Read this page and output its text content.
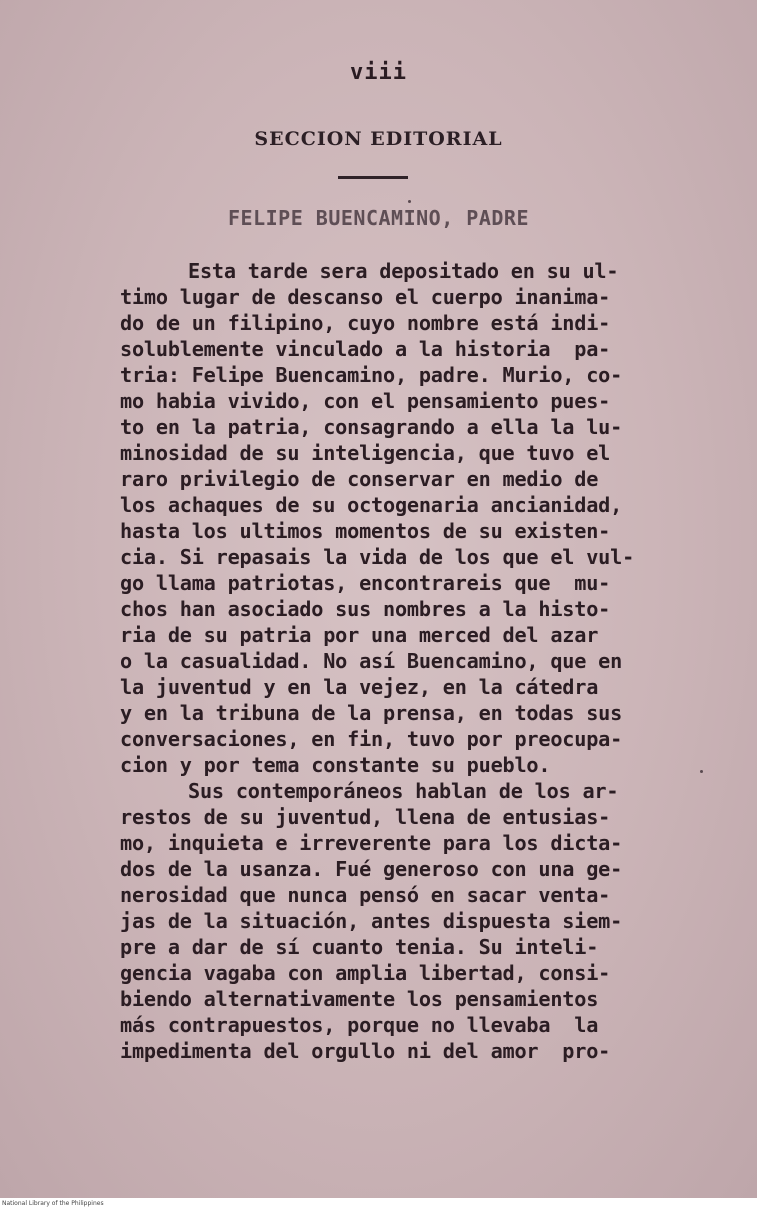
viii
SECCION EDITORIAL
FELIPE BUENCAMINO, PADRE
Esta tarde sera depositado en su ul-
timo lugar de descanso el cuerpo inanima-
do de un filipino, cuyo nombre está indi-
solublemente vinculado a la historia  pa-
tria: Felipe Buencamino, padre. Murio, co-
mo habia vivido, con el pensamiento pues-
to en la patria, consagrando a ella la lu-
minosidad de su inteligencia, que tuvo el
raro privilegio de conservar en medio de
los achaques de su octogenaria ancianidad,
hasta los ultimos momentos de su existen-
cia. Si repasais la vida de los que el vul-
go llama patriotas, encontrareis que  mu-
chos han asociado sus nombres a la histo-
ria de su patria por una merced del azar
o la casualidad. No así Buencamino, que en
la juventud y en la vejez, en la cátedra
y en la tribuna de la prensa, en todas sus
conversaciones, en fin, tuvo por preocupa-
cion y por tema constante su pueblo.
Sus contemporáneos hablan de los ar-
restos de su juventud, llena de entusias-
mo, inquieta e irreverente para los dicta-
dos de la usanza. Fué generoso con una ge-
nerosidad que nunca pensó en sacar venta-
jas de la situación, antes dispuesta siem-
pre a dar de sí cuanto tenia. Su inteli-
gencia vagaba con amplia libertad, consi-
biendo alternativamente los pensamientos
más contrapuestos, porque no llevaba  la
impedimenta del orgullo ni del amor  pro-
National Library of the Philippines
